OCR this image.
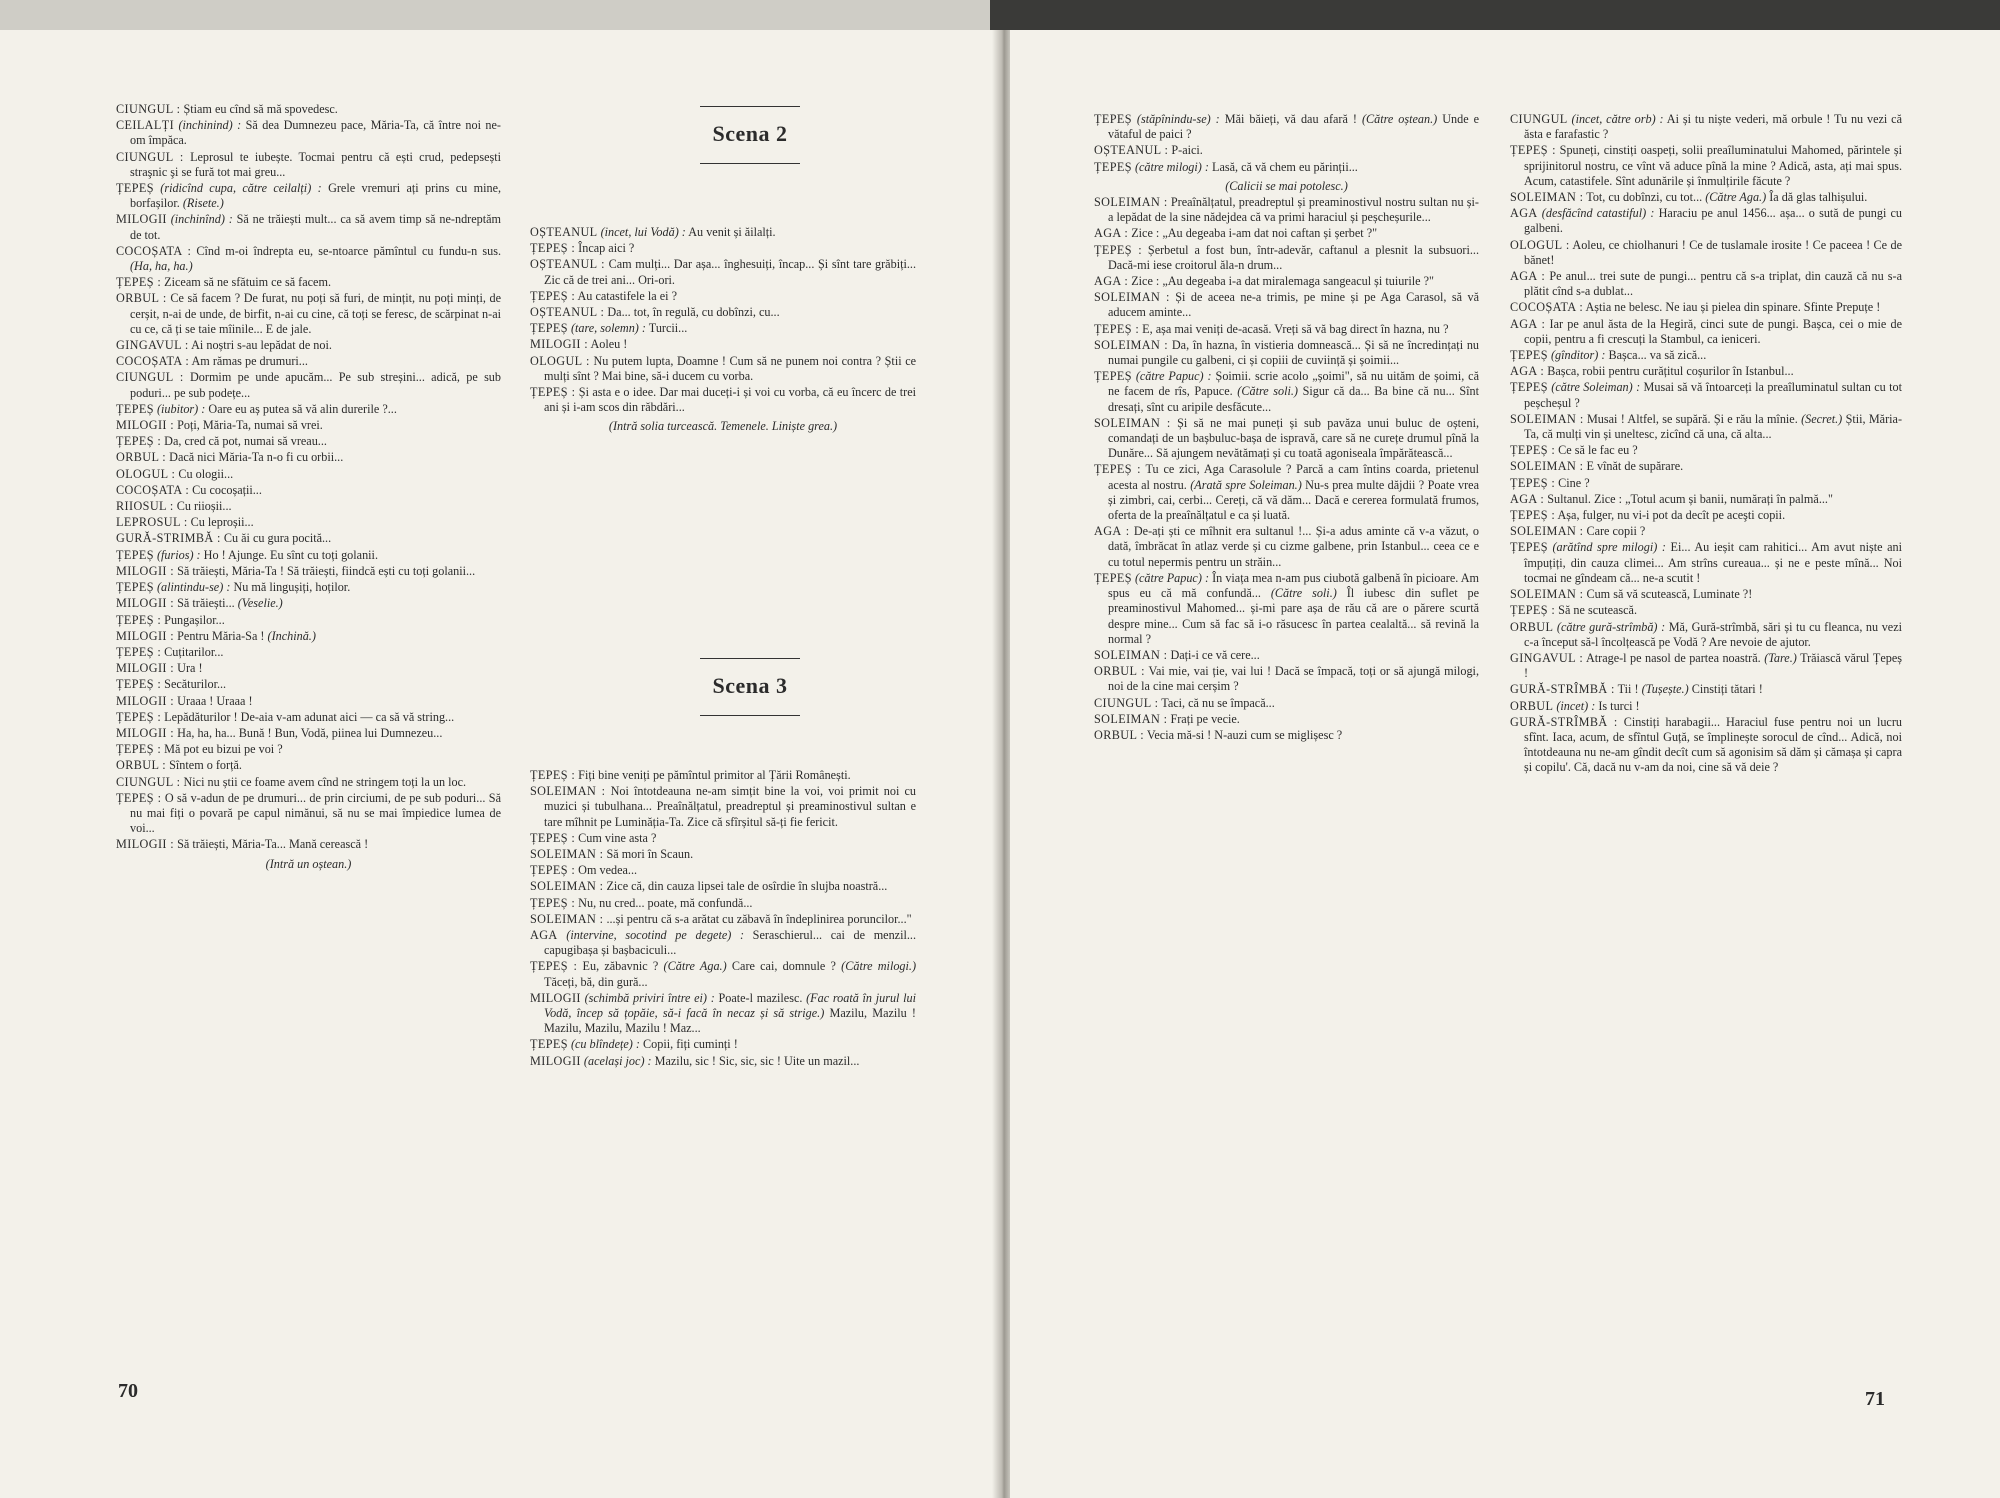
CIUNGUL : Știam eu cînd să mă spovedesc.

CEILALȚI (inchinind) : Să dea Dumnezeu pace, Măria-Ta, că între noi ne-om împăca.

CIUNGUL : Leprosul te iubește. Tocmai pentru că ești crud, pedepsești straşnic şi se fură tot mai greu...

ȚEPEȘ (ridicînd cupa, către ceilalți) : Grele vremuri ați prins cu mine, borfașilor. (Risete.)

MILOGII (inchinînd) : Să ne trăiești mult... ca să avem timp să ne-ndreptăm de tot.

COCOȘATA : Cînd m-oi îndrepta eu, se-ntoarce pămîntul cu fundu-n sus. (Ha, ha, ha.)

ȚEPEȘ : Ziceam să ne sfătuim ce să facem.

ORBUL : Ce să facem ? De furat, nu poți să furi, de mințit, nu poți minți, de cerșit, n-ai de unde, de birfit, n-ai cu cine, că toți se feresc, de scărpinat n-ai cu ce, că ți se taie mîinile... E de jale.

GINGAVUL : Ai noștri s-au lepădat de noi.

COCOȘATA : Am rămas pe drumuri...

CIUNGUL : Dormim pe unde apucăm... Pe sub streșini... adică, pe sub poduri... pe sub podețe...

ȚEPEȘ (iubitor) : Oare eu aș putea să vă alin durerile ?...

MILOGII : Poți, Măria-Ta, numai să vrei.

ȚEPEȘ : Da, cred că pot, numai să vreau...

ORBUL : Dacă nici Măria-Ta n-o fi cu orbii...

OLOGUL : Cu ologii...

COCOȘATA : Cu cocoșații...

RIIOSUL : Cu riioșii...

LEPROSUL : Cu leproșii...

GURĂ-STRIMBĂ : Cu ăi cu gura pocită...

ȚEPEȘ (furios) : Ho ! Ajunge. Eu sînt cu toți golanii.

MILOGII : Să trăiești, Măria-Ta ! Să trăiești, fiindcă ești cu toți golanii...

ȚEPEȘ (alintindu-se) : Nu mă lingușiți, hoților.

MILOGII : Să trăiești... (Veselie.)

ȚEPEȘ : Pungașilor...

MILOGII : Pentru Măria-Sa ! (Inchină.)

ȚEPEȘ : Cuțitarilor...

MILOGII : Ura !

ȚEPEȘ : Secăturilor...

MILOGII : Uraaa ! Uraaa !

ȚEPEȘ : Lepădăturilor ! De-aia v-am adunat aici — ca să vă string...

MILOGII : Ha, ha, ha... Bună ! Bun, Vodă, piinea lui Dumnezeu...

ȚEPEȘ : Mă pot eu bizui pe voi ?

ORBUL : Sîntem o forță.

CIUNGUL : Nici nu știi ce foame avem cînd ne stringem toți la un loc.

ȚEPEȘ : O să v-adun de pe drumuri... de prin circiumi, de pe sub poduri... Să nu mai fiți o povară pe capul nimănui, să nu se mai împiedice lumea de voi...

MILOGII : Să trăiești, Măria-Ta... Mană cerească !

(Intră un oștean.)

Scena 2

OȘTEANUL (incet, lui Vodă) : Au venit și ăilalți.

ȚEPEȘ : Încap aici ?

OȘTEANUL : Cam mulți... Dar așa... înghesuiți, încap... Și sînt tare grăbiți... Zic că de trei ani... Ori-ori.

ȚEPEȘ : Au catastifele la ei ?

OȘTEANUL : Da... tot, în regulă, cu dobînzi, cu...

ȚEPEȘ (tare, solemn) : Turcii...

MILOGII : Aoleu !

OLOGUL : Nu putem lupta, Doamne ! Cum să ne punem noi contra ? Știi ce mulți sînt ? Mai bine, să-i ducem cu vorba.

ȚEPEȘ : Și asta e o idee. Dar mai duceți-i și voi cu vorba, că eu încerc de trei ani și i-am scos din răbdări...

(Intră solia turcească. Temenele. Liniște grea.)

Scena 3

ȚEPEȘ : Fiți bine veniți pe pămîntul primitor al Țării Românești.

SOLEIMAN : Noi întotdeauna ne-am simțit bine la voi, voi primit noi cu muzici și tubulhana... Preaînălțatul, preadreptul și preaminostivul sultan e tare mîhnit pe Luminăția-Ta. Zice că sfîrșitul să-ți fie fericit.

ȚEPEȘ : Cum vine asta ?

SOLEIMAN : Să mori în Scaun.

ȚEPEȘ : Om vedea...

SOLEIMAN : Zice că, din cauza lipsei tale de osîrdie în slujba noastră...

ȚEPEȘ : Nu, nu cred... poate, mă confundă...

SOLEIMAN : ...și pentru că s-a arătat cu zăbavă în îndeplinirea poruncilor..."

AGA (intervine, socotind pe degete) : Seraschierul... cai de menzil... capugibașa și bașbaciculi...

ȚEPEȘ : Eu, zăbavnic ? (Către Aga.) Care cai, domnule ? (Către milogi.) Tăceți, bă, din gură...

MILOGII (schimbă priviri între ei) : Poate-l mazilesc. (Fac roată în jurul lui Vodă, încep să țopăie, să-i facă în necaz și să strige.) Mazilu, Mazilu ! Mazilu, Mazilu, Mazilu ! Maz...

ȚEPEȘ (cu blîndețe) : Copii, fiți cuminți !

MILOGII (același joc) : Mazilu, sic ! Sic, sic, sic ! Uite un mazil...

70

ȚEPEȘ (stăpînindu-se) : Măi băieți, vă dau afară ! (Către oștean.) Unde e vătaful de paici ?

OȘTEANUL : P-aici.

ȚEPEȘ (către milogi) : Lasă, că vă chem eu părinții...

(Calicii se mai potolesc.)

SOLEIMAN : Preaînălțatul, preadreptul și preaminostivul nostru sultan nu și-a lepădat de la sine nădejdea că va primi haraciul și peșcheșurile...

AGA : Zice : „Au degeaba i-am dat noi caftan și șerbet ?"

ȚEPEȘ : Șerbetul a fost bun, într-adevăr, caftanul a plesnit la subsuori... Dacă-mi iese croitorul ăla-n drum...

AGA : Zice : „Au degeaba i-a dat miralemaga sangeacul și tuiurile ?"

SOLEIMAN : Și de aceea ne-a trimis, pe mine și pe Aga Carasol, să vă aducem aminte...

ȚEPEȘ : E, așa mai veniți de-acasă. Vreți să vă bag direct în hazna, nu ?

SOLEIMAN : Da, în hazna, în vistieria domnească... Și să ne încredințați nu numai pungile cu galbeni, ci și copiii de cuviință și șoimii...

ȚEPEȘ (către Papuc) : Șoimii. scrie acolo „șoimi", să nu uităm de șoimi, că ne facem de rîs, Papuce. (Către soli.) Sigur că da... Ba bine că nu... Sînt dresați, sînt cu aripile desfăcute...

SOLEIMAN : Și să ne mai puneți și sub pavăza unui buluc de oșteni, comandați de un bașbuluc-bașa de ispravă, care să ne curețe drumul pînă la Dunăre... Să ajungem nevătămați și cu toată agoniseala împărătească...

ȚEPEȘ : Tu ce zici, Aga Carasolule ? Parcă a cam întins coarda, prietenul acesta al nostru. (Arată spre Soleiman.) Nu-s prea multe dăjdii ? Poate vrea și zimbri, cai, cerbi... Cereți, că vă dăm... Dacă e cererea formulată frumos, oferta de la preaînălțatul e ca și luată.

AGA : De-ați ști ce mîhnit era sultanul !... Și-a adus aminte că v-a văzut, o dată, îmbrăcat în atlaz verde și cu cizme galbene, prin Istanbul... ceea ce e cu totul nepermis pentru un străin...

ȚEPEȘ (către Papuc) : În viața mea n-am pus ciubotă galbenă în picioare. Am spus eu că mă confundă... (Către soli.) Îl iubesc din suflet pe preaminostivul Mahomed... și-mi pare așa de rău că are o părere scurtă despre mine... Cum să fac să i-o răsucesc în partea cealaltă... să revină la normal ?

SOLEIMAN : Dați-i ce vă cere...

ORBUL : Vai mie, vai ție, vai lui ! Dacă se împacă, toți or să ajungă milogi, noi de la cine mai cerșim ?

CIUNGUL : Taci, că nu se împacă...

SOLEIMAN : Frați pe vecie.

ORBUL : Vecia mă-si ! N-auzi cum se miglișesc ?

CIUNGUL (incet, către orb) : Ai și tu niște vederi, mă orbule ! Tu nu vezi că ăsta e farafastic ?

ȚEPEȘ : Spuneți, cinstiți oaspeți, solii preaîluminatului Mahomed, părintele și sprijinitorul nostru, ce vînt vă aduce pînă la mine ? Adică, asta, ați mai spus. Acum, catastifele. Sînt adunările și înmulțirile făcute ?

SOLEIMAN : Tot, cu dobînzi, cu tot... (Către Aga.) Îa dă glas talhișului.

AGA (desfăcînd catastiful) : Haraciu pe anul 1456... așa... o sută de pungi cu galbeni.

OLOGUL : Aoleu, ce chiolhanuri ! Ce de tuslamale irosite ! Ce paceea ! Ce de bănet!

AGA : Pe anul... trei sute de pungi... pentru că s-a triplat, din cauză că nu s-a plătit cînd s-a dublat...

COCOȘATA : Aștia ne belesc. Ne iau și pielea din spinare. Sfinte Prepuțe !

AGA : Iar pe anul ăsta de la Hegiră, cinci sute de pungi. Bașca, cei o mie de copii, pentru a fi crescuți la Stambul, ca ienicerі.

ȚEPEȘ (gînditor) : Bașca... va să zică...

AGA : Bașca, robii pentru curățitul coșurilor în Istanbul...

ȚEPEȘ (către Soleiman) : Musai să vă întoarceți la preaîluminatul sultan cu tot peșcheșul ?

SOLEIMAN : Musai ! Altfel, se supără. Și e rău la mînie. (Secret.) Știi, Măria-Ta, că mulți vin și uneltesc, zicînd că una, că alta...

ȚEPEȘ : Ce să le fac eu ?

SOLEIMAN : E vînăt de supărare.

ȚEPEȘ : Cine ?

AGA : Sultanul. Zice : „Totul acum și banii, numărați în palmă..."

ȚEPEȘ : Așa, fulger, nu vi-i pot da decît pe aceşti copii.

SOLEIMAN : Care copii ?

ȚEPEȘ (arătînd spre milogi) : Ei... Au ieșit cam rahitici... Am avut niște ani împuțiți, din cauza climei... Am strîns cureaua... și ne e peste mînă... Noi tocmai ne gîndeam că... ne-a scutit !

SOLEIMAN : Cum să vă scutească, Luminate ?!

ȚEPEȘ : Să ne scutească.

ORBUL (către gură-strîmbă) : Mă, Gură-strîmbă, sări și tu cu fleanca, nu vezi c-a început să-l încolțească pe Vodă ? Are nevoie de ajutor.

GINGAVUL : Atrage-l pe nasol de partea noastră. (Tare.) Trăiască vărul Țepeș !

GURĂ-STRÎMBĂ : Tii ! (Tușește.) Cinstiți tătari !

ORBUL (incet) : Is turci !

GURĂ-STRÎMBĂ : Cinstiți harabagii... Haraciul fuse pentru noi un lucru sfînt. Iaca, acum, de sfîntul Guță, se împlinește sorocul de cînd... Adică, noi întotdeauna nu ne-am gîndit decît cum să agonisim să dăm și cămașa și capra și copilu'. Că, dacă nu v-am da noi, cine să vă deie ?

71
